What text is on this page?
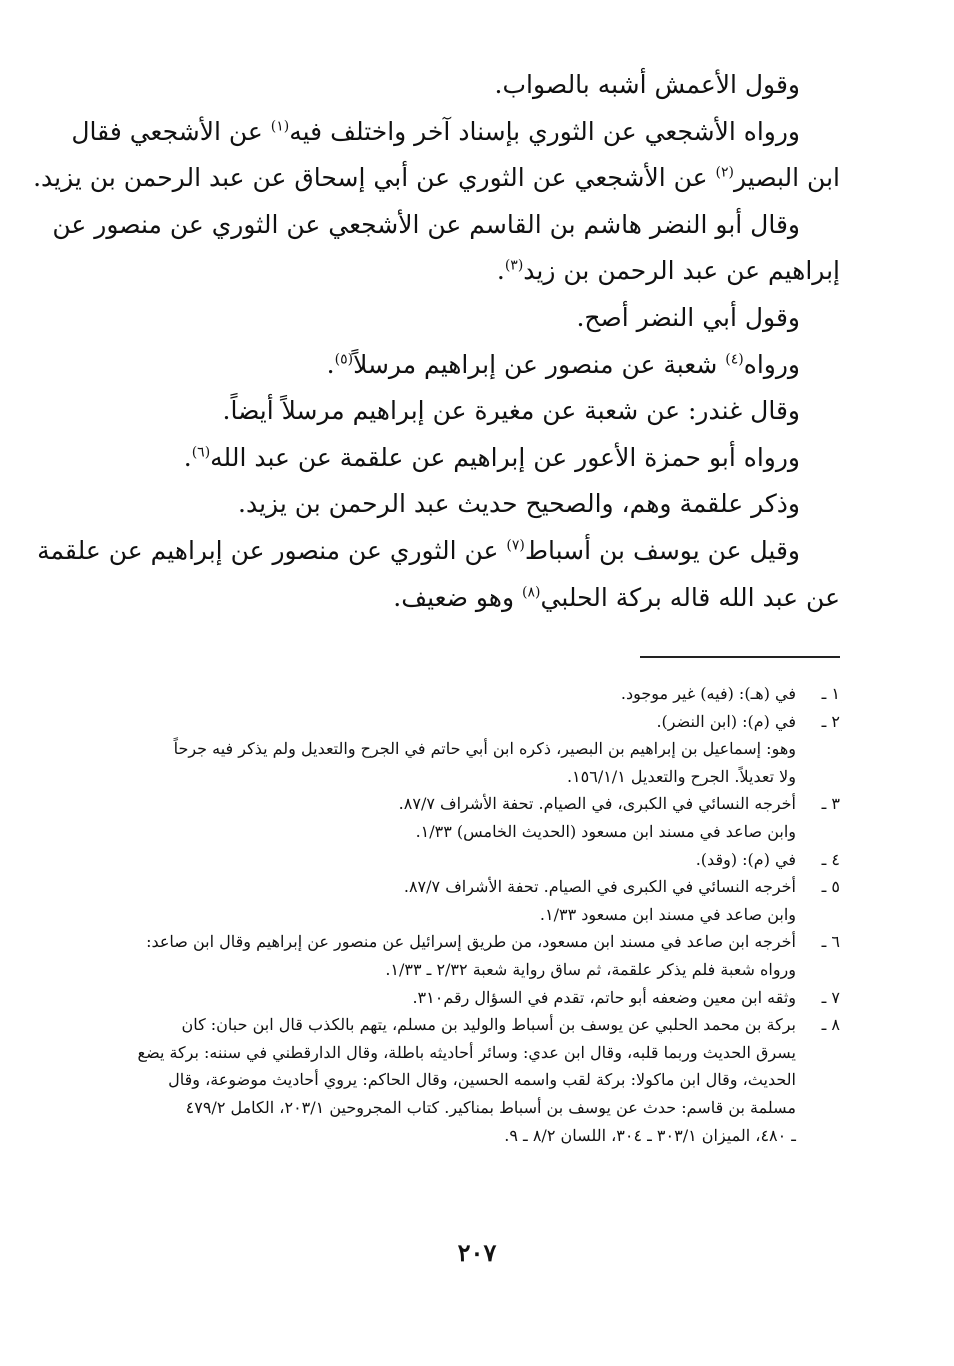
وقول الأعمش أشبه بالصواب.

ورواه الأشجعي عن الثوري بإسناد آخر واختلف فيه$^{(١)}$ عن الأشجعي فقال

ابن البصير$^{(٢)}$ عن الأشجعي عن الثوري عن أبي إسحاق عن عبد الرحمن بن يزيد.

وقال أبو النضر هاشم بن القاسم عن الأشجعي عن الثوري عن منصور عن

إبراهيم عن عبد الرحمن بن زيد$^{(٣)}$.

وقول أبي النضر أصح.

ورواه$^{(٤)}$ شعبة عن منصور عن إبراهيم مرسلاً$^{(٥)}$.

وقال غندر: عن شعبة عن مغيرة عن إبراهيم مرسلاً أيضاً.

ورواه أبو حمزة الأعور عن إبراهيم عن علقمة عن عبد الله$^{(٦)}$.

وذكر علقمة وهم، والصحيح حديث عبد الرحمن بن يزيد.

وقيل عن يوسف بن أسباط$^{(٧)}$ عن الثوري عن منصور عن إبراهيم عن علقمة

عن عبد الله قاله بركة الحلبي$^{(٨)}$ وهو ضعيف.

١ ـ
في (هـ): (فيه) غير موجود.
٢ ـ
في (م): (ابن النضر).
وهو: إسماعيل بن إبراهيم بن البصير، ذكره ابن أبي حاتم في الجرح والتعديل ولم يذكر فيه جرحاً
ولا تعديلاً. الجرح والتعديل ١٥٦/١/١.
٣ ـ
أخرجه النسائي في الكبرى، في الصيام. تحفة الأشراف ٨٧/٧.
وابن صاعد في مسند ابن مسعود (الحديث الخامس) ١/٣٣.
٤ ـ
في (م): (وقد).
٥ ـ
أخرجه النسائي في الكبرى في الصيام. تحفة الأشراف ٨٧/٧.
وابن صاعد في مسند ابن مسعود ١/٣٣.
٦ ـ
أخرجه ابن صاعد في مسند ابن مسعود، من طريق إسرائيل عن منصور عن إبراهيم وقال ابن صاعد:
ورواه شعبة فلم يذكر علقمة، ثم ساق رواية شعبة ٢/٣٢ ـ ١/٣٣.
٧ ـ
وثقه ابن معين وضعفه أبو حاتم، تقدم في السؤال رقم٣١٠.
٨ ـ
بركة بن محمد الحلبي عن يوسف بن أسباط والوليد بن مسلم، يتهم بالكذب قال ابن حبان: كان
يسرق الحديث وربما قلبه، وقال ابن عدي: وسائر أحاديثه باطلة، وقال الدارقطني في سننه: بركة يضع
الحديث، وقال ابن ماكولا: بركة لقب واسمه الحسين، وقال الحاكم: يروي أحاديث موضوعة، وقال
مسلمة بن قاسم: حدث عن يوسف بن أسباط بمناكير. كتاب المجروحين ٢٠٣/١، الكامل ٤٧٩/٢
ـ ٤٨٠، الميزان ٣٠٣/١ ـ ٣٠٤، اللسان ٨/٢ ـ ٩.
٢٠٧
